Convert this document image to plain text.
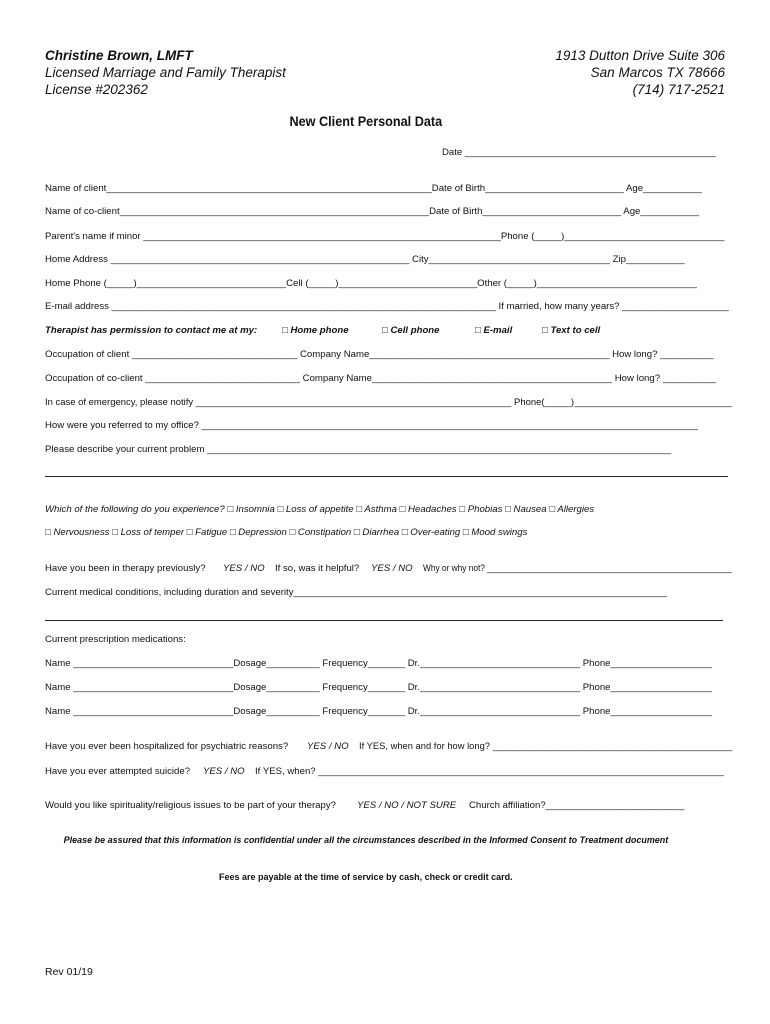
Christine Brown, LMFT
Licensed Marriage and Family Therapist
License #202362
1913 Dutton Drive Suite 306
San Marcos TX 78666
(714) 717-2521
New Client Personal Data
Date _______________________________________________
Name of client_____________________________________________________________Date of Birth__________________________ Age___________
Name of co-client__________________________________________________________Date of Birth__________________________ Age___________
Parent's name if minor ___________________________________________________________________Phone (_____)______________________________
Home Address ________________________________________________________ City__________________________________ Zip___________
Home Phone (_____)____________________________Cell (_____)__________________________Other (_____)______________________________
E-mail address ________________________________________________________________________ If married, how many years? ____________________
Therapist has permission to contact me at my:	□ Home phone	□ Cell phone	□ E-mail	□ Text to cell
Occupation of client _______________________________ Company Name_____________________________________________ How long? __________
Occupation of co-client _____________________________ Company Name_____________________________________________ How long? __________
In case of emergency, please notify ____________________________________________________________ Phone(_____)______________________________
How were you referred to my office? _____________________________________________________________________________________________
Please describe your current problem _______________________________________________________________________________________
Which of the following do you experience? □ Insomnia □ Loss of appetite □ Asthma □ Headaches □ Phobias □ Nausea □ Allergies
□ Nervousness □ Loss of temper □ Fatigue □ Depression □ Constipation □ Diarrhea □ Over-eating □ Mood swings
Have you been in therapy previously? YES / NO If so, was it helpful? YES / NO Why or why not? _____________________________________________________
Current medical conditions, including duration and severity______________________________________________________________________
Current prescription medications:
Name ______________________________Dosage__________ Frequency_______ Dr.______________________________ Phone___________________
Name ______________________________Dosage__________ Frequency_______ Dr.______________________________ Phone___________________
Name ______________________________Dosage__________ Frequency_______ Dr.______________________________ Phone___________________
Have you ever been hospitalized for psychiatric reasons? YES / NO If YES, when and for how long? ______________________________________________
Have you ever attempted suicide? YES / NO If YES, when? ____________________________________________________________________________
Would you like spirituality/religious issues to be part of your therapy? YES / NO / NOT SURE Church affiliation?__________________________
Please be assured that this information is confidential under all the circumstances described in the Informed Consent to Treatment document
Fees are payable at the time of service by cash, check or credit card.
Rev 01/19
